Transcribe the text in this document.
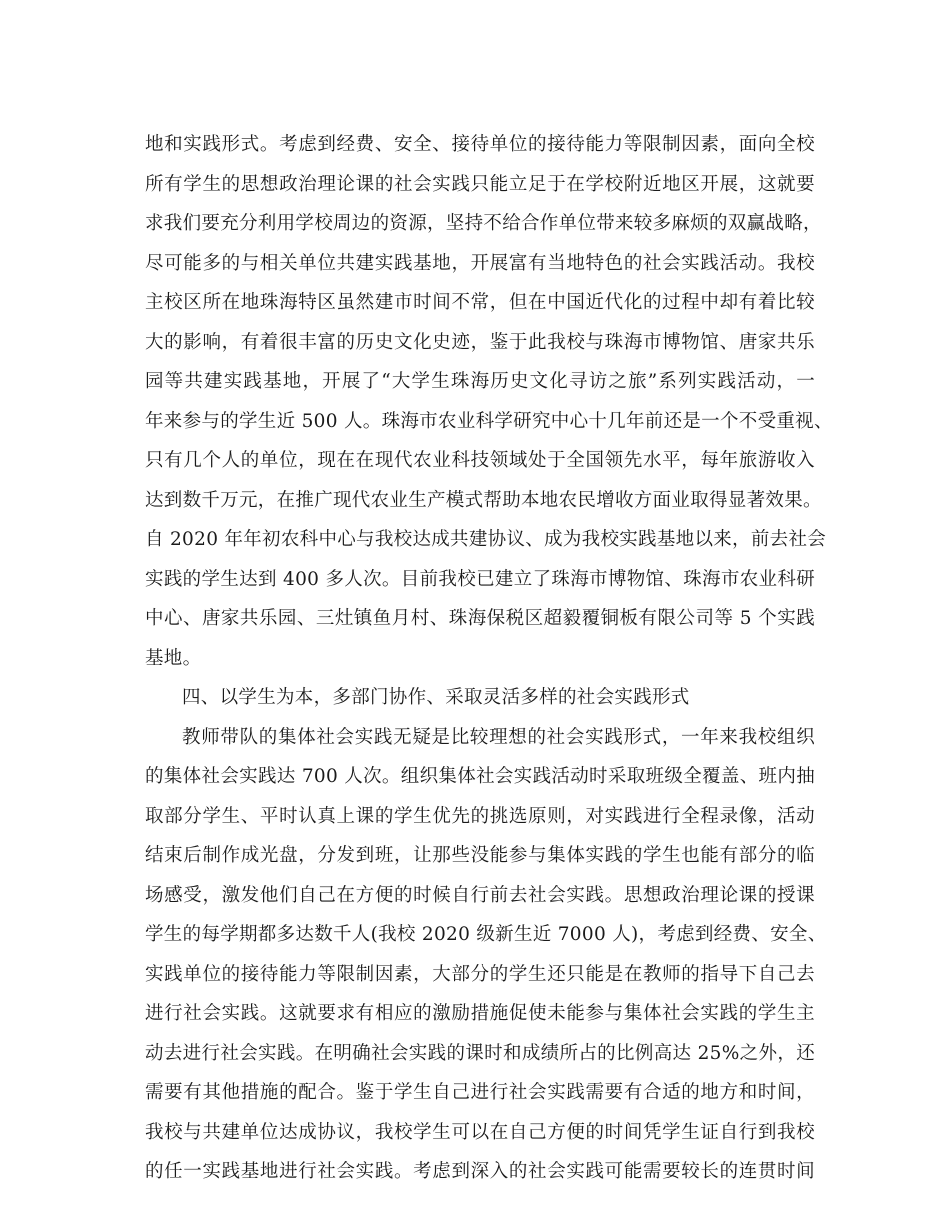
地和实践形式。考虑到经费、安全、接待单位的接待能力等限制因素，面向全校
所有学生的思想政治理论课的社会实践只能立足于在学校附近地区开展，这就要
求我们要充分利用学校周边的资源，坚持不给合作单位带来较多麻烦的双赢战略，
尽可能多的与相关单位共建实践基地，开展富有当地特色的社会实践活动。我校
主校区所在地珠海特区虽然建市时间不常，但在中国近代化的过程中却有着比较
大的影响，有着很丰富的历史文化史迹，鉴于此我校与珠海市博物馆、唐家共乐
园等共建实践基地，开展了“大学生珠海历史文化寻访之旅”系列实践活动，一
年来参与的学生近 500 人。珠海市农业科学研究中心十几年前还是一个不受重视、
只有几个人的单位，现在在现代农业科技领域处于全国领先水平，每年旅游收入
达到数千万元，在推广现代农业生产模式帮助本地农民增收方面业取得显著效果。
自 2020 年年初农科中心与我校达成共建协议、成为我校实践基地以来，前去社会
实践的学生达到 400 多人次。目前我校已建立了珠海市博物馆、珠海市农业科研
中心、唐家共乐园、三灶镇鱼月村、珠海保税区超毅覆铜板有限公司等 5 个实践
基地。
四、以学生为本，多部门协作、采取灵活多样的社会实践形式
教师带队的集体社会实践无疑是比较理想的社会实践形式，一年来我校组织
的集体社会实践达 700 人次。组织集体社会实践活动时采取班级全覆盖、班内抽
取部分学生、平时认真上课的学生优先的挑选原则，对实践进行全程录像，活动
结束后制作成光盘，分发到班，让那些没能参与集体实践的学生也能有部分的临
场感受，激发他们自己在方便的时候自行前去社会实践。思想政治理论课的授课
学生的每学期都多达数千人(我校 2020 级新生近 7000 人)，考虑到经费、安全、
实践单位的接待能力等限制因素，大部分的学生还只能是在教师的指导下自己去
进行社会实践。这就要求有相应的激励措施促使未能参与集体社会实践的学生主
动去进行社会实践。在明确社会实践的课时和成绩所占的比例高达 25%之外，还
需要有其他措施的配合。鉴于学生自己进行社会实践需要有合适的地方和时间，
我校与共建单位达成协议，我校学生可以在自己方便的时间凭学生证自行到我校
的任一实践基地进行社会实践。考虑到深入的社会实践可能需要较长的连贯时间
